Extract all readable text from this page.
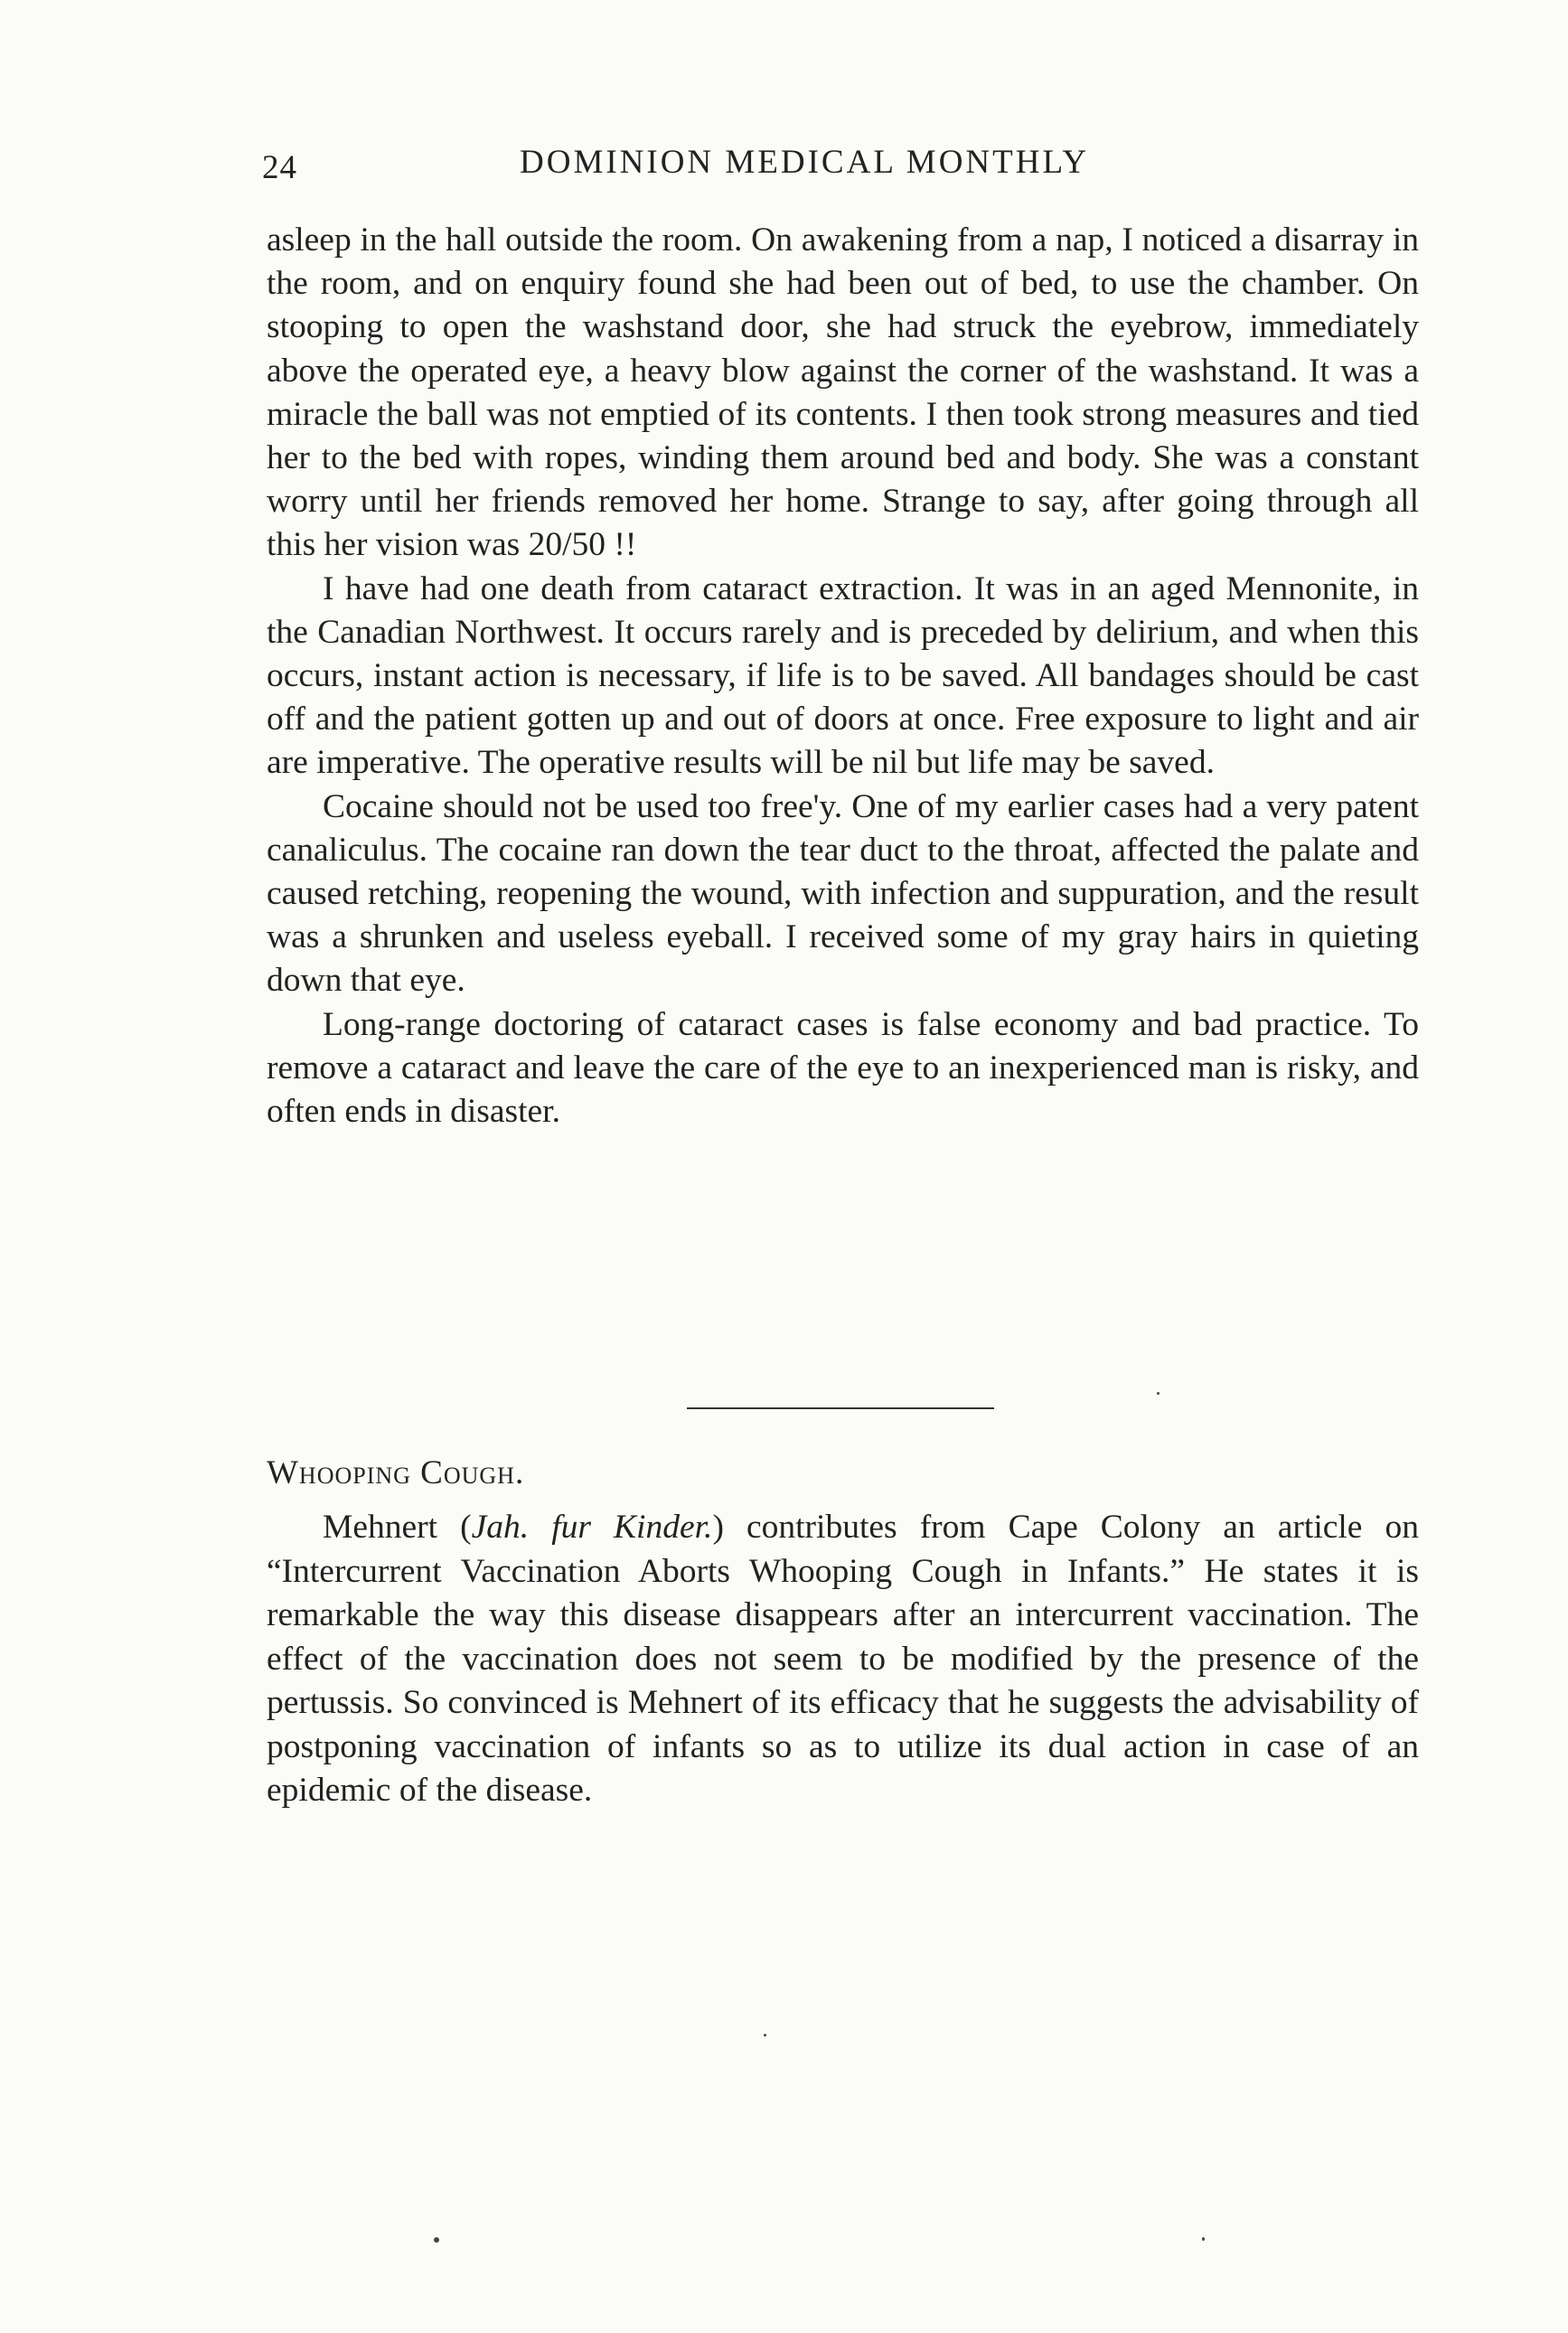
24	DOMINION MEDICAL MONTHLY

asleep in the hall outside the room. On awakening from a nap, I noticed a disarray in the room, and on enquiry found she had been out of bed, to use the chamber. On stooping to open the washstand door, she had struck the eyebrow, immediately above the operated eye, a heavy blow against the corner of the washstand. It was a miracle the ball was not emptied of its contents. I then took strong measures and tied her to the bed with ropes, winding them around bed and body. She was a constant worry until her friends removed her home. Strange to say, after going through all this her vision was 20/50 !!

I have had one death from cataract extraction. It was in an aged Mennonite, in the Canadian Northwest. It occurs rarely and is preceded by delirium, and when this occurs, instant action is necessary, if life is to be saved. All bandages should be cast off and the patient gotten up and out of doors at once. Free exposure to light and air are imperative. The operative results will be nil but life may be saved.

Cocaine should not be used too free'y. One of my earlier cases had a very patent canaliculus. The cocaine ran down the tear duct to the throat, affected the palate and caused retching, reopening the wound, with infection and suppuration, and the result was a shrunken and useless eyeball. I received some of my gray hairs in quieting down that eye.

Long-range doctoring of cataract cases is false economy and bad practice. To remove a cataract and leave the care of the eye to an inexperienced man is risky, and often ends in disaster.

Whooping Cough.

Mehnert (Jah. fur Kinder.) contributes from Cape Colony an article on “Intercurrent Vaccination Aborts Whooping Cough in Infants.” He states it is remarkable the way this disease disappears after an intercurrent vaccination. The effect of the vaccination does not seem to be modified by the presence of the pertussis. So convinced is Mehnert of its efficacy that he suggests the advisability of postponing vaccination of infants so as to utilize its dual action in case of an epidemic of the disease.
